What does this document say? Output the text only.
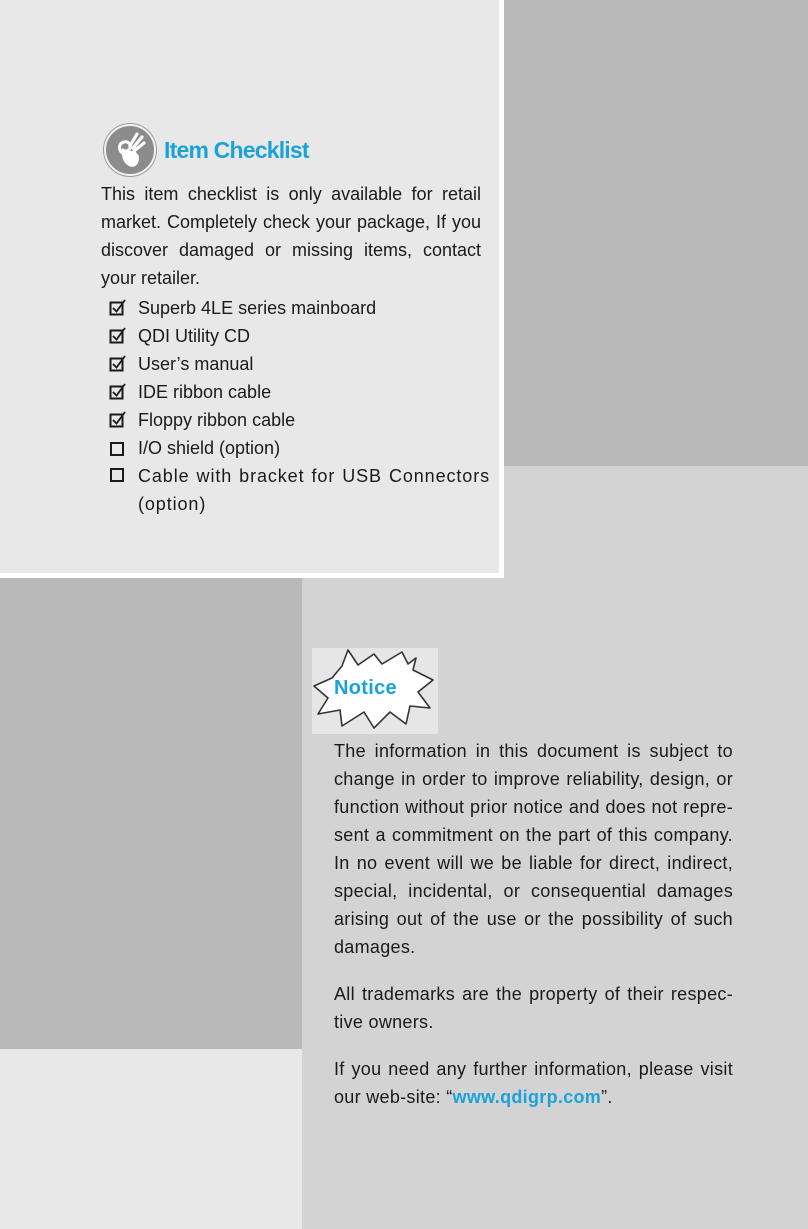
Item Checklist

This item checklist is only available for retail market. Completely check your package, If you discover damaged or missing items, contact your retailer.

Superb 4LE series mainboard
QDI Utility CD
User’s manual
IDE ribbon cable
Floppy ribbon cable
I/O shield (option)
Cable with bracket for USB Connectors (option)
Notice

The information in this document is subject to change in order to improve reliability, design, or function without prior notice and does not repre-sent a commitment on the part of this company. In no event will we be liable for direct, indirect, special, incidental, or consequential damages arising out of the use or the possibility of such damages.

All trademarks are the property of their respec-tive owners.

If you need any further information, please visit our web-site: “www.qdigrp.com”.
